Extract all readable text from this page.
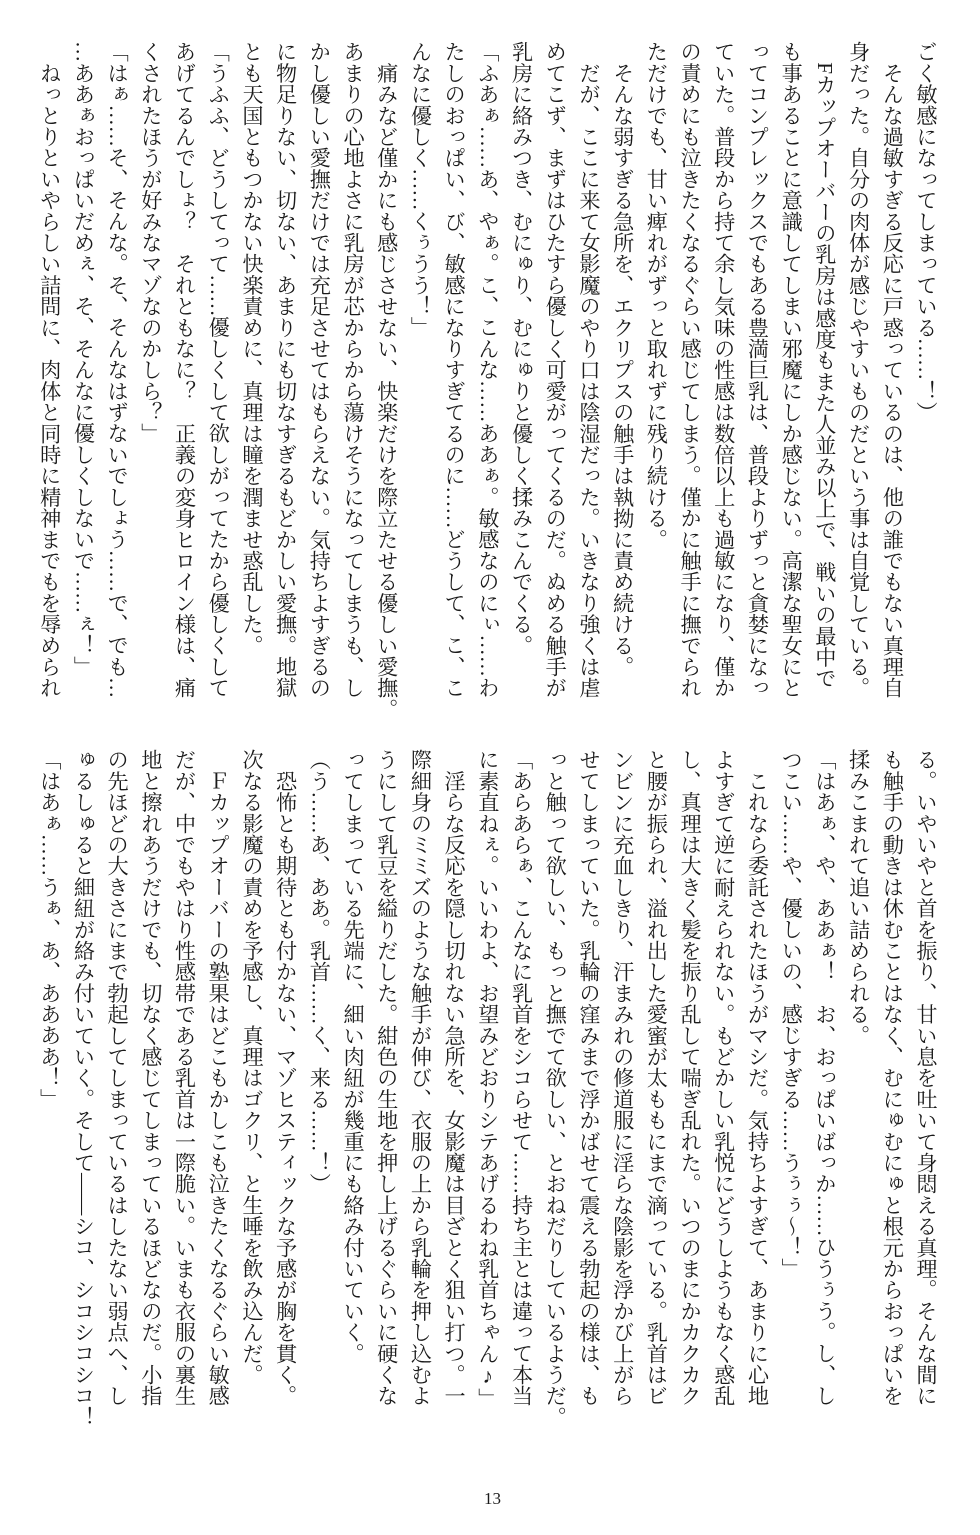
ごく敏感になってしまっている……！）
　そんな過敏すぎる反応に戸惑っているのは、他の誰でもない真理自
身だった。自分の肉体が感じやすいものだという事は自覚している。
　Fカップオーバーの乳房は感度もまた人並み以上で、戦いの最中で
も事あることに意識してしまい邪魔にしか感じない。高潔な聖女にと
ってコンプレックスでもある豊満巨乳は、普段よりずっと貪婪になっ
ていた。普段から持て余し気味の性感は数倍以上も過敏になり、僅か
の責めにも泣きたくなるぐらい感じてしまう。僅かに触手に撫でられ
ただけでも、甘い痺れがずっと取れずに残り続ける。
　そんな弱すぎる急所を、エクリプスの触手は執拗に責め続ける。
　だが、ここに来て女影魔のやり口は陰湿だった。いきなり強くは虐
めてこず、まずはひたすら優しく可愛がってくるのだ。ぬめる触手が
乳房に絡みつき、むにゅり、むにゅりと優しく揉みこんでくる。
「ふあぁ……あ、やぁ。こ、こんな……ああぁ。敏感なのにぃ……わ
たしのおっぱい、び、敏感になりすぎてるのに……どうして、こ、こ
んなに優しく……くぅうう！」
　痛みなど僅かにも感じさせない、快楽だけを際立たせる優しい愛撫。
あまりの心地よさに乳房が芯からから蕩けそうになってしまうも、し
かし優しい愛撫だけでは充足させてはもらえない。気持ちよすぎるの
に物足りない、切ない、あまりにも切なすぎるもどかしい愛撫。地獄
とも天国ともつかない快楽責めに、真理は瞳を潤ませ惑乱した。
「うふふ、どうしてって……優しくして欲しがってたから優しくして
あげてるんでしょ？　それともなに？　正義の変身ヒロイン様は、痛
くされたほうが好みなマゾなのかしら？」
「はぁ……そ、そんな。そ、そんなはずないでしょう……で、でも…
…ああぁおっぱいだめぇ、そ、そんなに優しくしないで……ぇ！」
　ねっとりといやらしい詰問に、肉体と同時に精神までもを辱められ
る。いやいやと首を振り、甘い息を吐いて身悶える真理。そんな間に
も触手の動きは休むことはなく、むにゅむにゅと根元からおっぱいを
揉みこまれて追い詰められる。
「はあぁ、や、ああぁ！　お、おっぱいばっか……ひうぅう。し、し
つこい……や、優しいの、感じすぎる……うぅぅ〜！」
　これなら委託されたほうがマシだ。気持ちよすぎて、あまりに心地
よすぎて逆に耐えられない。もどかしい乳悦にどうしようもなく惑乱
し、真理は大きく髪を振り乱して喘ぎ乱れた。いつのまにかカクカク
と腰が振られ、溢れ出した愛蜜が太ももにまで滴っている。乳首はビ
ンビンに充血しきり、汗まみれの修道服に淫らな陰影を浮かび上がら
せてしまっていた。乳輪の窪みまで浮かばせて震える勃起の様は、も
っと触って欲しい、もっと撫でて欲しい、とおねだりしているようだ。
「あらあらぁ、こんなに乳首をシコらせて……持ち主とは違って本当
に素直ねぇ。いいわよ、お望みどおりシテあげるわね乳首ちゃん♪」
　淫らな反応を隠し切れない急所を、女影魔は目ざとく狙い打つ。一
際細身のミミズのような触手が伸び、衣服の上から乳輪を押し込むよ
うにして乳豆を縊りだした。紺色の生地を押し上げるぐらいに硬くな
ってしまっている先端に、細い肉紐が幾重にも絡み付いていく。
（う……あ、ああ。乳首……く、来る……！）
　恐怖とも期待とも付かない、マゾヒスティックな予感が胸を貫く。
次なる影魔の責めを予感し、真理はゴクリ、と生唾を飲み込んだ。
　Ｆカップオーバーの塾果はどこもかしこも泣きたくなるぐらい敏感
だが、中でもやはり性感帯である乳首は一際脆い。いまも衣服の裏生
地と擦れあうだけでも、切なく感じてしまっているほどなのだ。小指
の先ほどの大きさにまで勃起してしまっているはしたない弱点へ、し
ゅるしゅると細紐が絡み付いていく。そして――シコ、シコシコシコ！
「はあぁ……うぁ、あ、ああああ！」
13
